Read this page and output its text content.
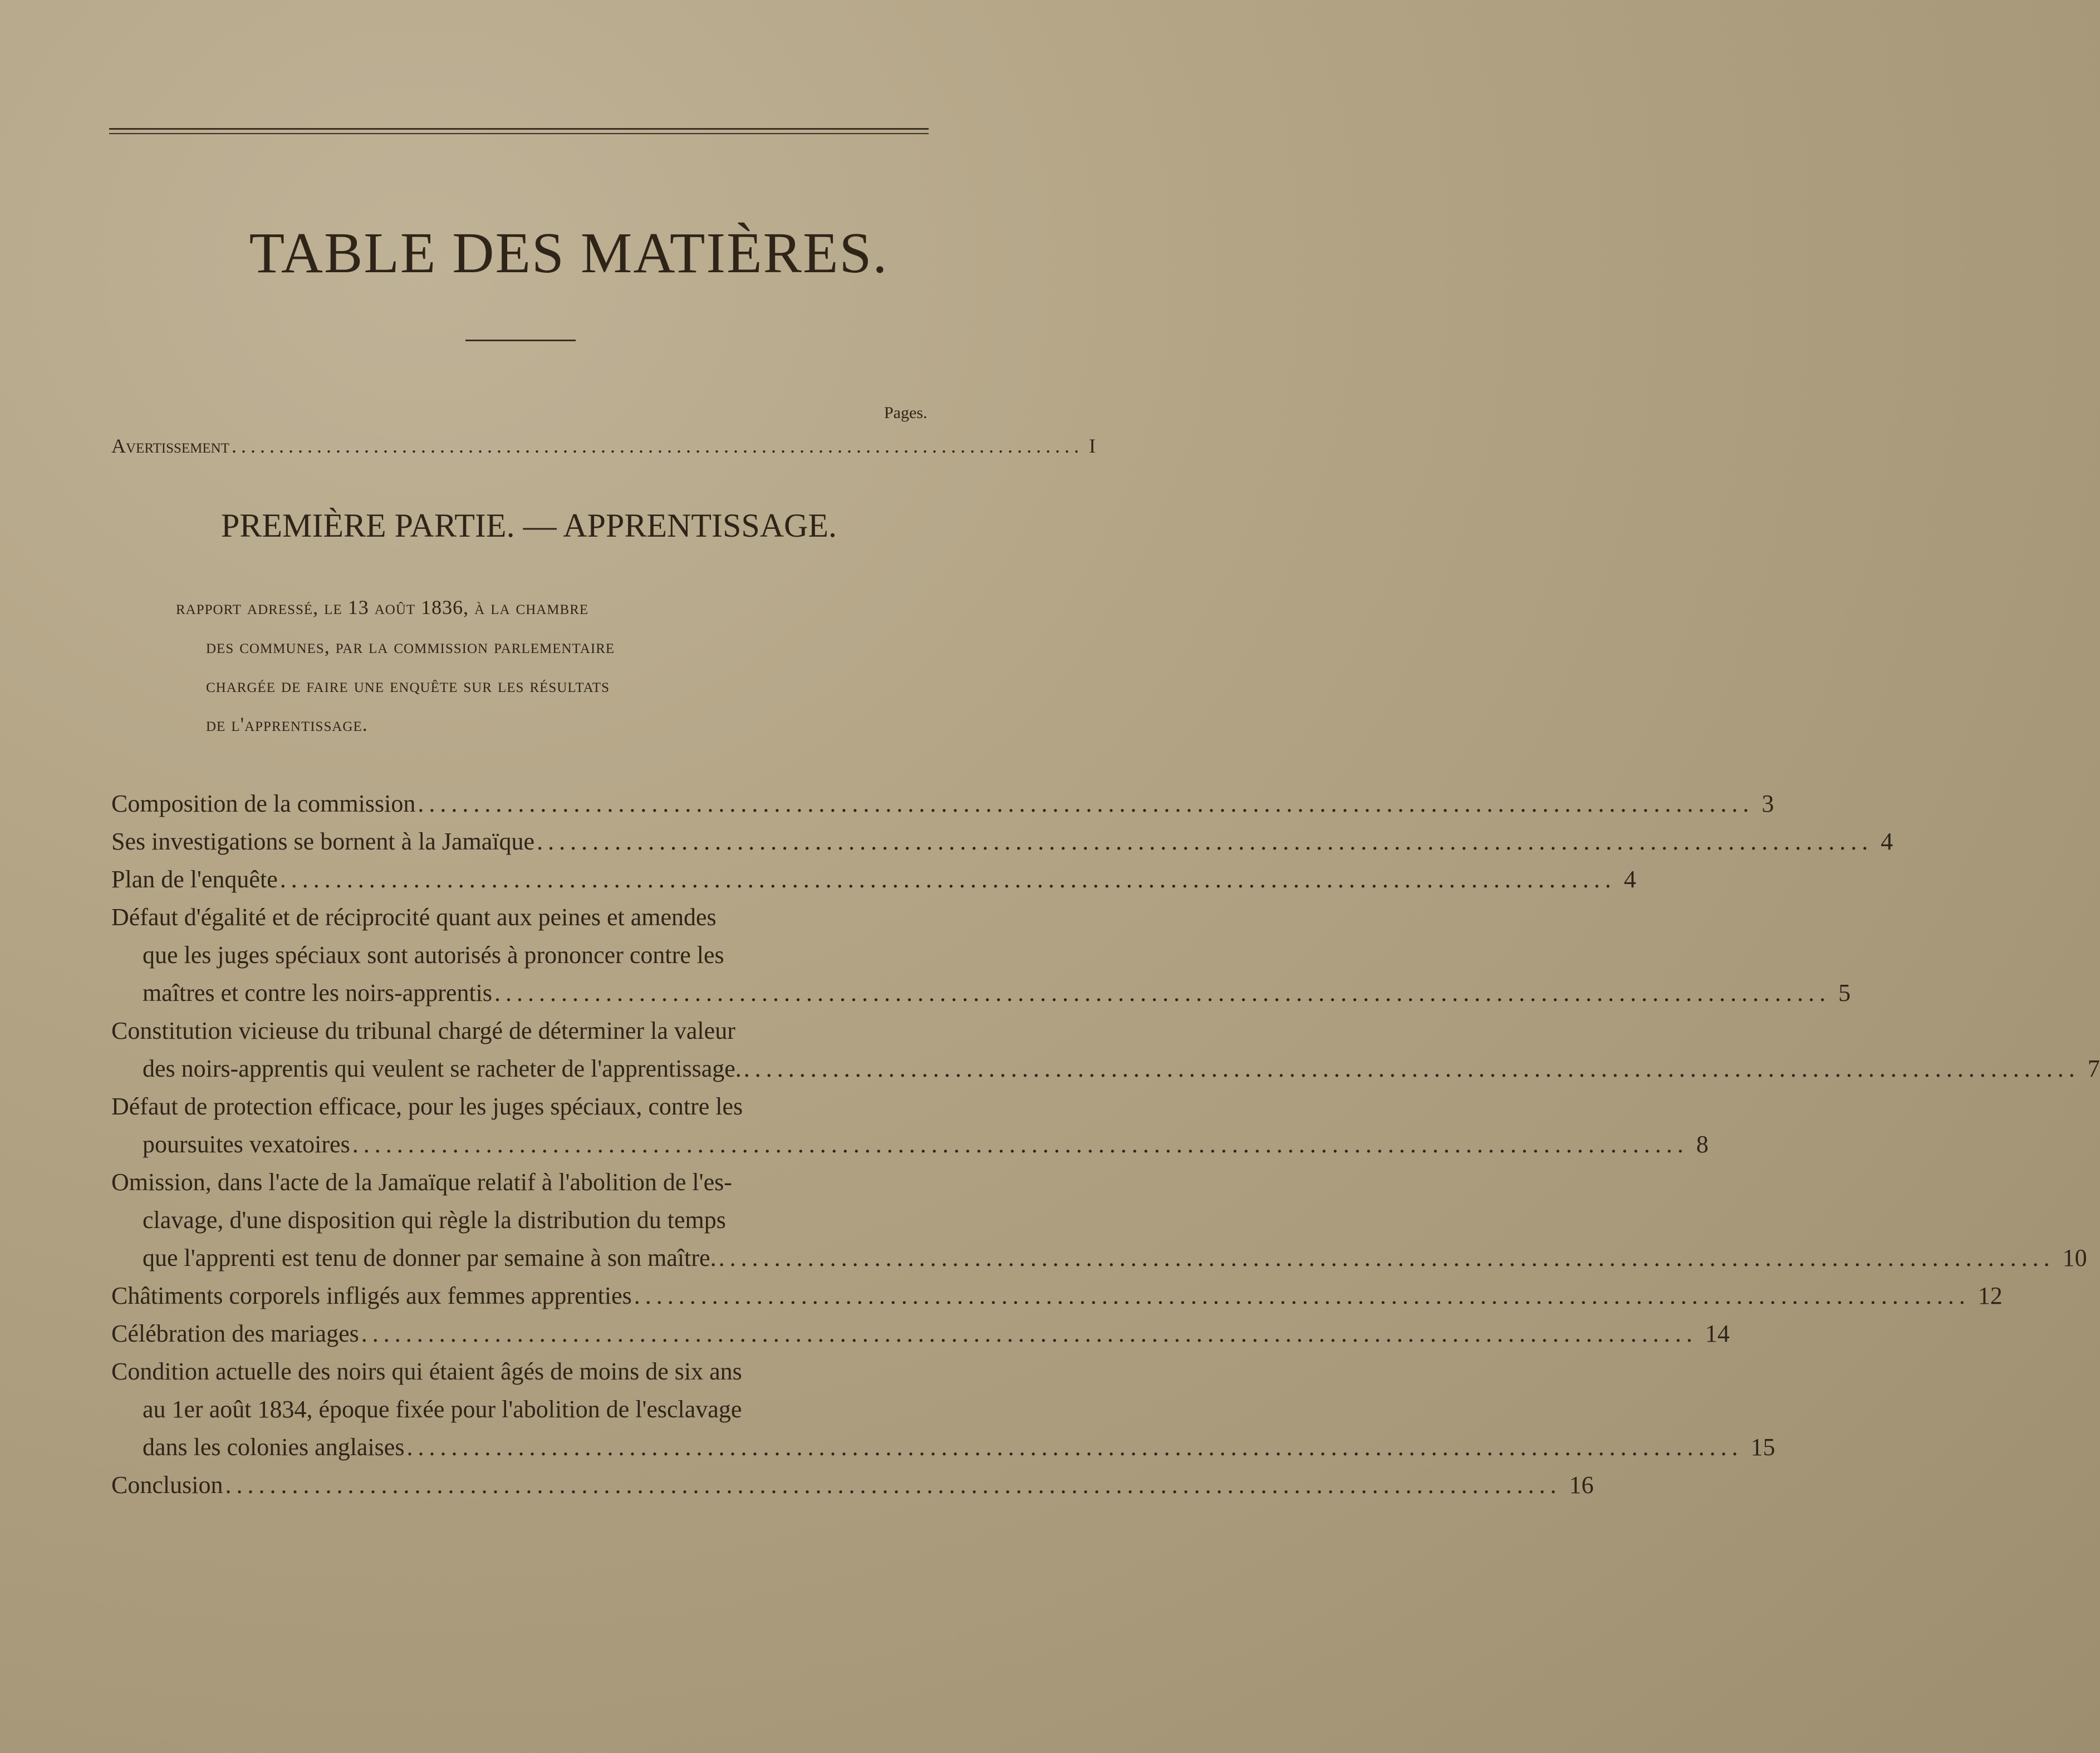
TABLE DES MATIÈRES.
Pages.
Avertissement .......................................................................................... I
PREMIÈRE PARTIE. — APPRENTISSAGE.
rapport adressé, le 13 août 1836, à la chambre
des communes, par la commission parlementaire
chargée de faire une enquête sur les résultats
de l'apprentissage.
Composition de la commission ........................................................................................................................ 3
Ses investigations se bornent à la Jamaïque ........................................................................................................................ 4
Plan de l'enquête ........................................................................................................................ 4
Défaut d'égalité et de réciprocité quant aux peines et amendes
que les juges spéciaux sont autorisés à prononcer contre les
maîtres et contre les noirs-apprentis ........................................................................................................................ 5
Constitution vicieuse du tribunal chargé de déterminer la valeur
des noirs-apprentis qui veulent se racheter de l'apprentissage. ........................................................................................................................ 7
Défaut de protection efficace, pour les juges spéciaux, contre les
poursuites vexatoires ........................................................................................................................ 8
Omission, dans l'acte de la Jamaïque relatif à l'abolition de l'es-
clavage, d'une disposition qui règle la distribution du temps
que l'apprenti est tenu de donner par semaine à son maître. ........................................................................................................................ 10
Châtiments corporels infligés aux femmes apprenties ........................................................................................................................ 12
Célébration des mariages ........................................................................................................................ 14
Condition actuelle des noirs qui étaient âgés de moins de six ans
au 1er août 1834, époque fixée pour l'abolition de l'esclavage
dans les colonies anglaises ........................................................................................................................ 15
Conclusion ........................................................................................................................ 16
